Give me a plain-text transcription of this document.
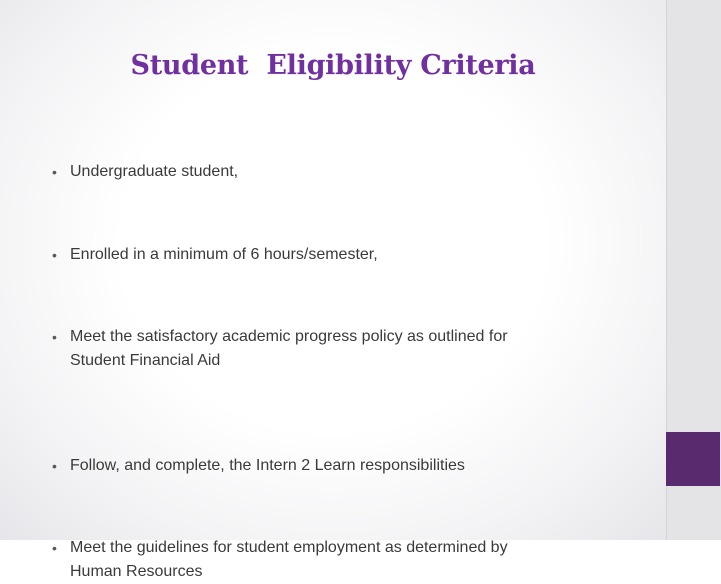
Student  Eligibility Criteria
• Undergraduate student,
• Enrolled in a minimum of 6 hours/semester,
• Meet the satisfactory academic progress policy as outlined for
Student Financial Aid
• Follow, and complete, the Intern 2 Learn responsibilities
• Meet the guidelines for student employment as determined by
Human Resources
